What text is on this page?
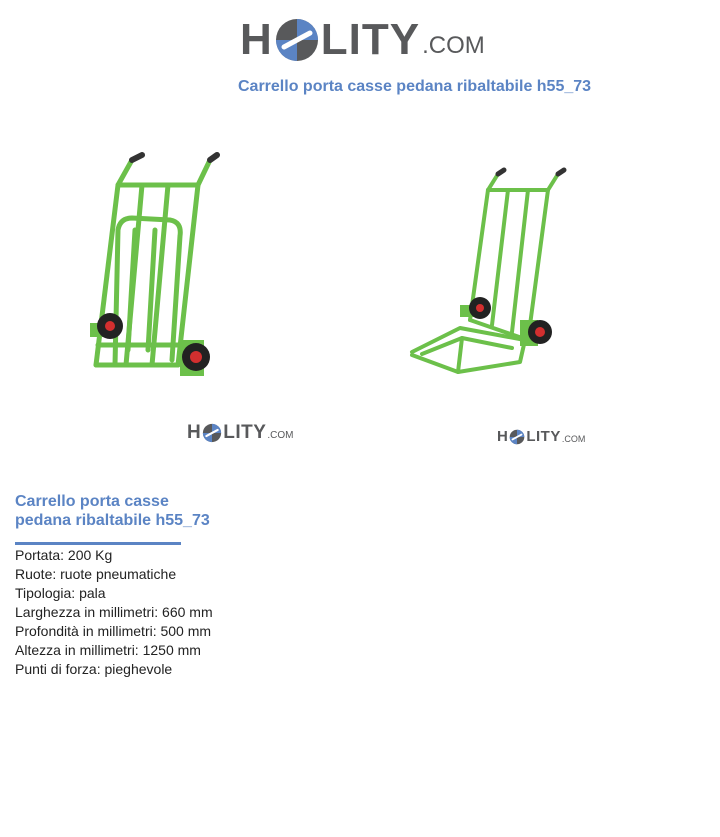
H LITY .COM
Carrello porta casse pedana ribaltabile h55_73
H LITY .COM	H LITY .COM
Carrello porta casse
pedana ribaltabile h55_73
Portata: 200 Kg
Ruote: ruote pneumatiche
Tipologia: pala
Larghezza in millimetri: 660 mm
Profondità in millimetri: 500 mm
Altezza in millimetri: 1250 mm
Punti di forza: pieghevole
